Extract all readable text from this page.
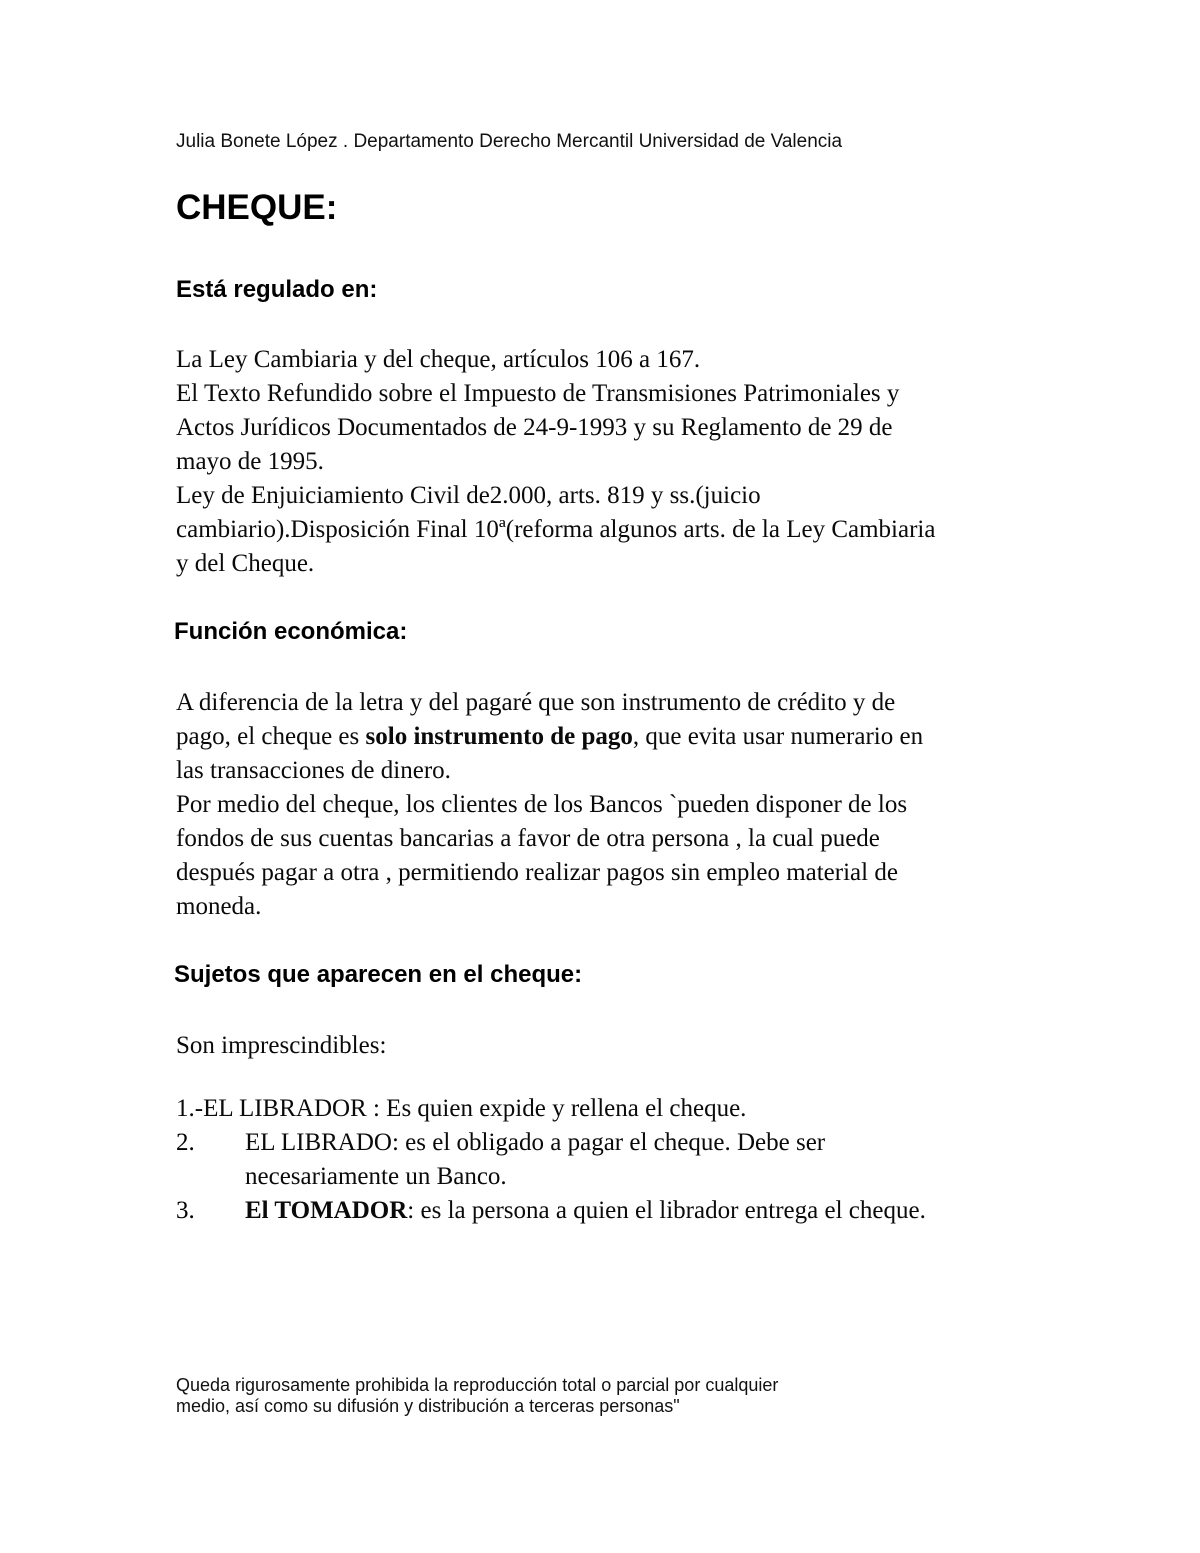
Julia Bonete López . Departamento Derecho Mercantil Universidad de Valencia

CHEQUE:
Está regulado en:
La Ley Cambiaria y del cheque, artículos 106 a 167.
El Texto Refundido sobre el Impuesto de Transmisiones Patrimoniales y
Actos Jurídicos Documentados de 24-9-1993 y su Reglamento de 29 de
mayo de 1995.
Ley de Enjuiciamiento Civil de2.000, arts. 819 y ss.(juicio
cambiario).Disposición Final 10ª(reforma algunos arts. de la Ley Cambiaria
y del Cheque.
Función económica:
A diferencia de la letra y del pagaré que son instrumento de crédito y de
pago, el cheque es solo instrumento de pago, que evita usar numerario en
las transacciones de dinero.
Por medio del cheque, los clientes de los Bancos `pueden disponer de los
fondos de sus cuentas bancarias a favor de otra persona , la cual puede
después pagar a otra , permitiendo realizar pagos sin empleo material de
moneda.
Sujetos que aparecen en el cheque:
Son imprescindibles:
1.-EL LIBRADOR : Es quien expide y rellena el cheque.
2. EL LIBRADO: es el obligado a pagar el cheque. Debe ser
necesariamente un Banco.
3. El TOMADOR: es la persona a quien el librador entrega el cheque.
Queda rigurosamente prohibida la reproducción total o parcial por cualquier
medio, así como su difusión y distribución a terceras personas"
